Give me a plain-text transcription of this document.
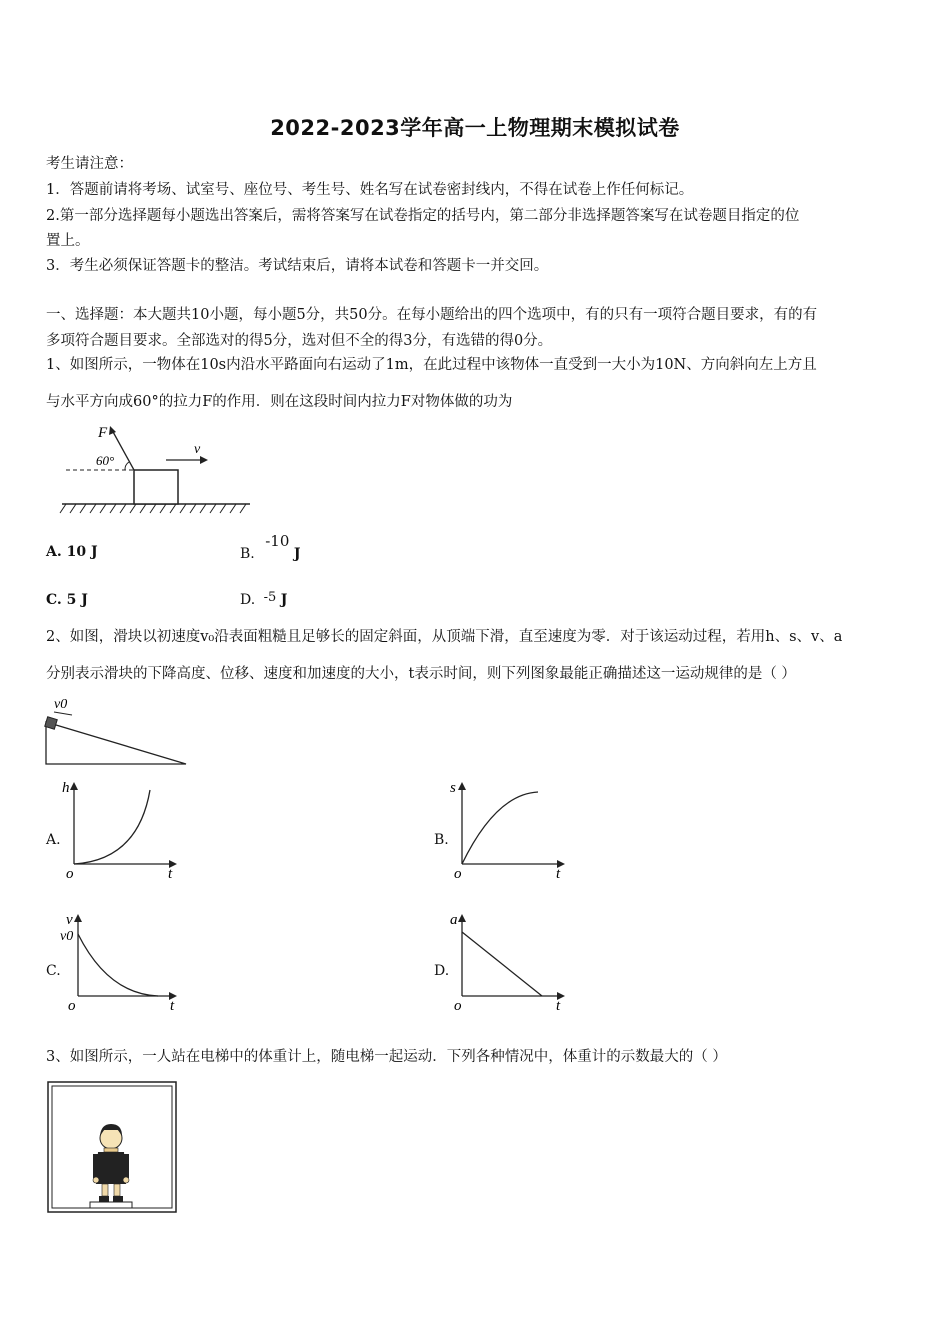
2022-2023学年高一上物理期末模拟试卷
考生请注意：
1．答题前请将考场、试室号、座位号、考生号、姓名写在试卷密封线内，不得在试卷上作任何标记。
2.第一部分选择题每小题选出答案后，需将答案写在试卷指定的括号内，第二部分非选择题答案写在试卷题目指定的位
置上。
3．考生必须保证答题卡的整洁。考试结束后，请将本试卷和答题卡一并交回。
一、选择题：本大题共10小题，每小题5分，共50分。在每小题给出的四个选项中，有的只有一项符合题目要求，有的有
多项符合题目要求。全部选对的得5分，选对但不全的得3分，有选错的得0分。
1、如图所示，一物体在10s内沿水平路面向右运动了1m，在此过程中该物体一直受到一大小为10N、方向斜向左上方且
与水平方向成60°的拉力F的作用．则在这段时间内拉力F对物体做的功为
F
60°
v
A. 10 J	B. -10 J
C. 5 J	D. -5 J
2、如图，滑块以初速度v₀沿表面粗糙且足够长的固定斜面，从顶端下滑，直至速度为零．对于该运动过程，若用h、s、v、a
分别表示滑块的下降高度、位移、速度和加速度的大小，t表示时间，则下列图象最能正确描述这一运动规律的是（ ）
v0
A.
h
o	t
B.
s
o	t
C.
v
v0
o	t
D.
a
o	t
3、如图所示，一人站在电梯中的体重计上，随电梯一起运动．下列各种情况中，体重计的示数最大的（ ）
